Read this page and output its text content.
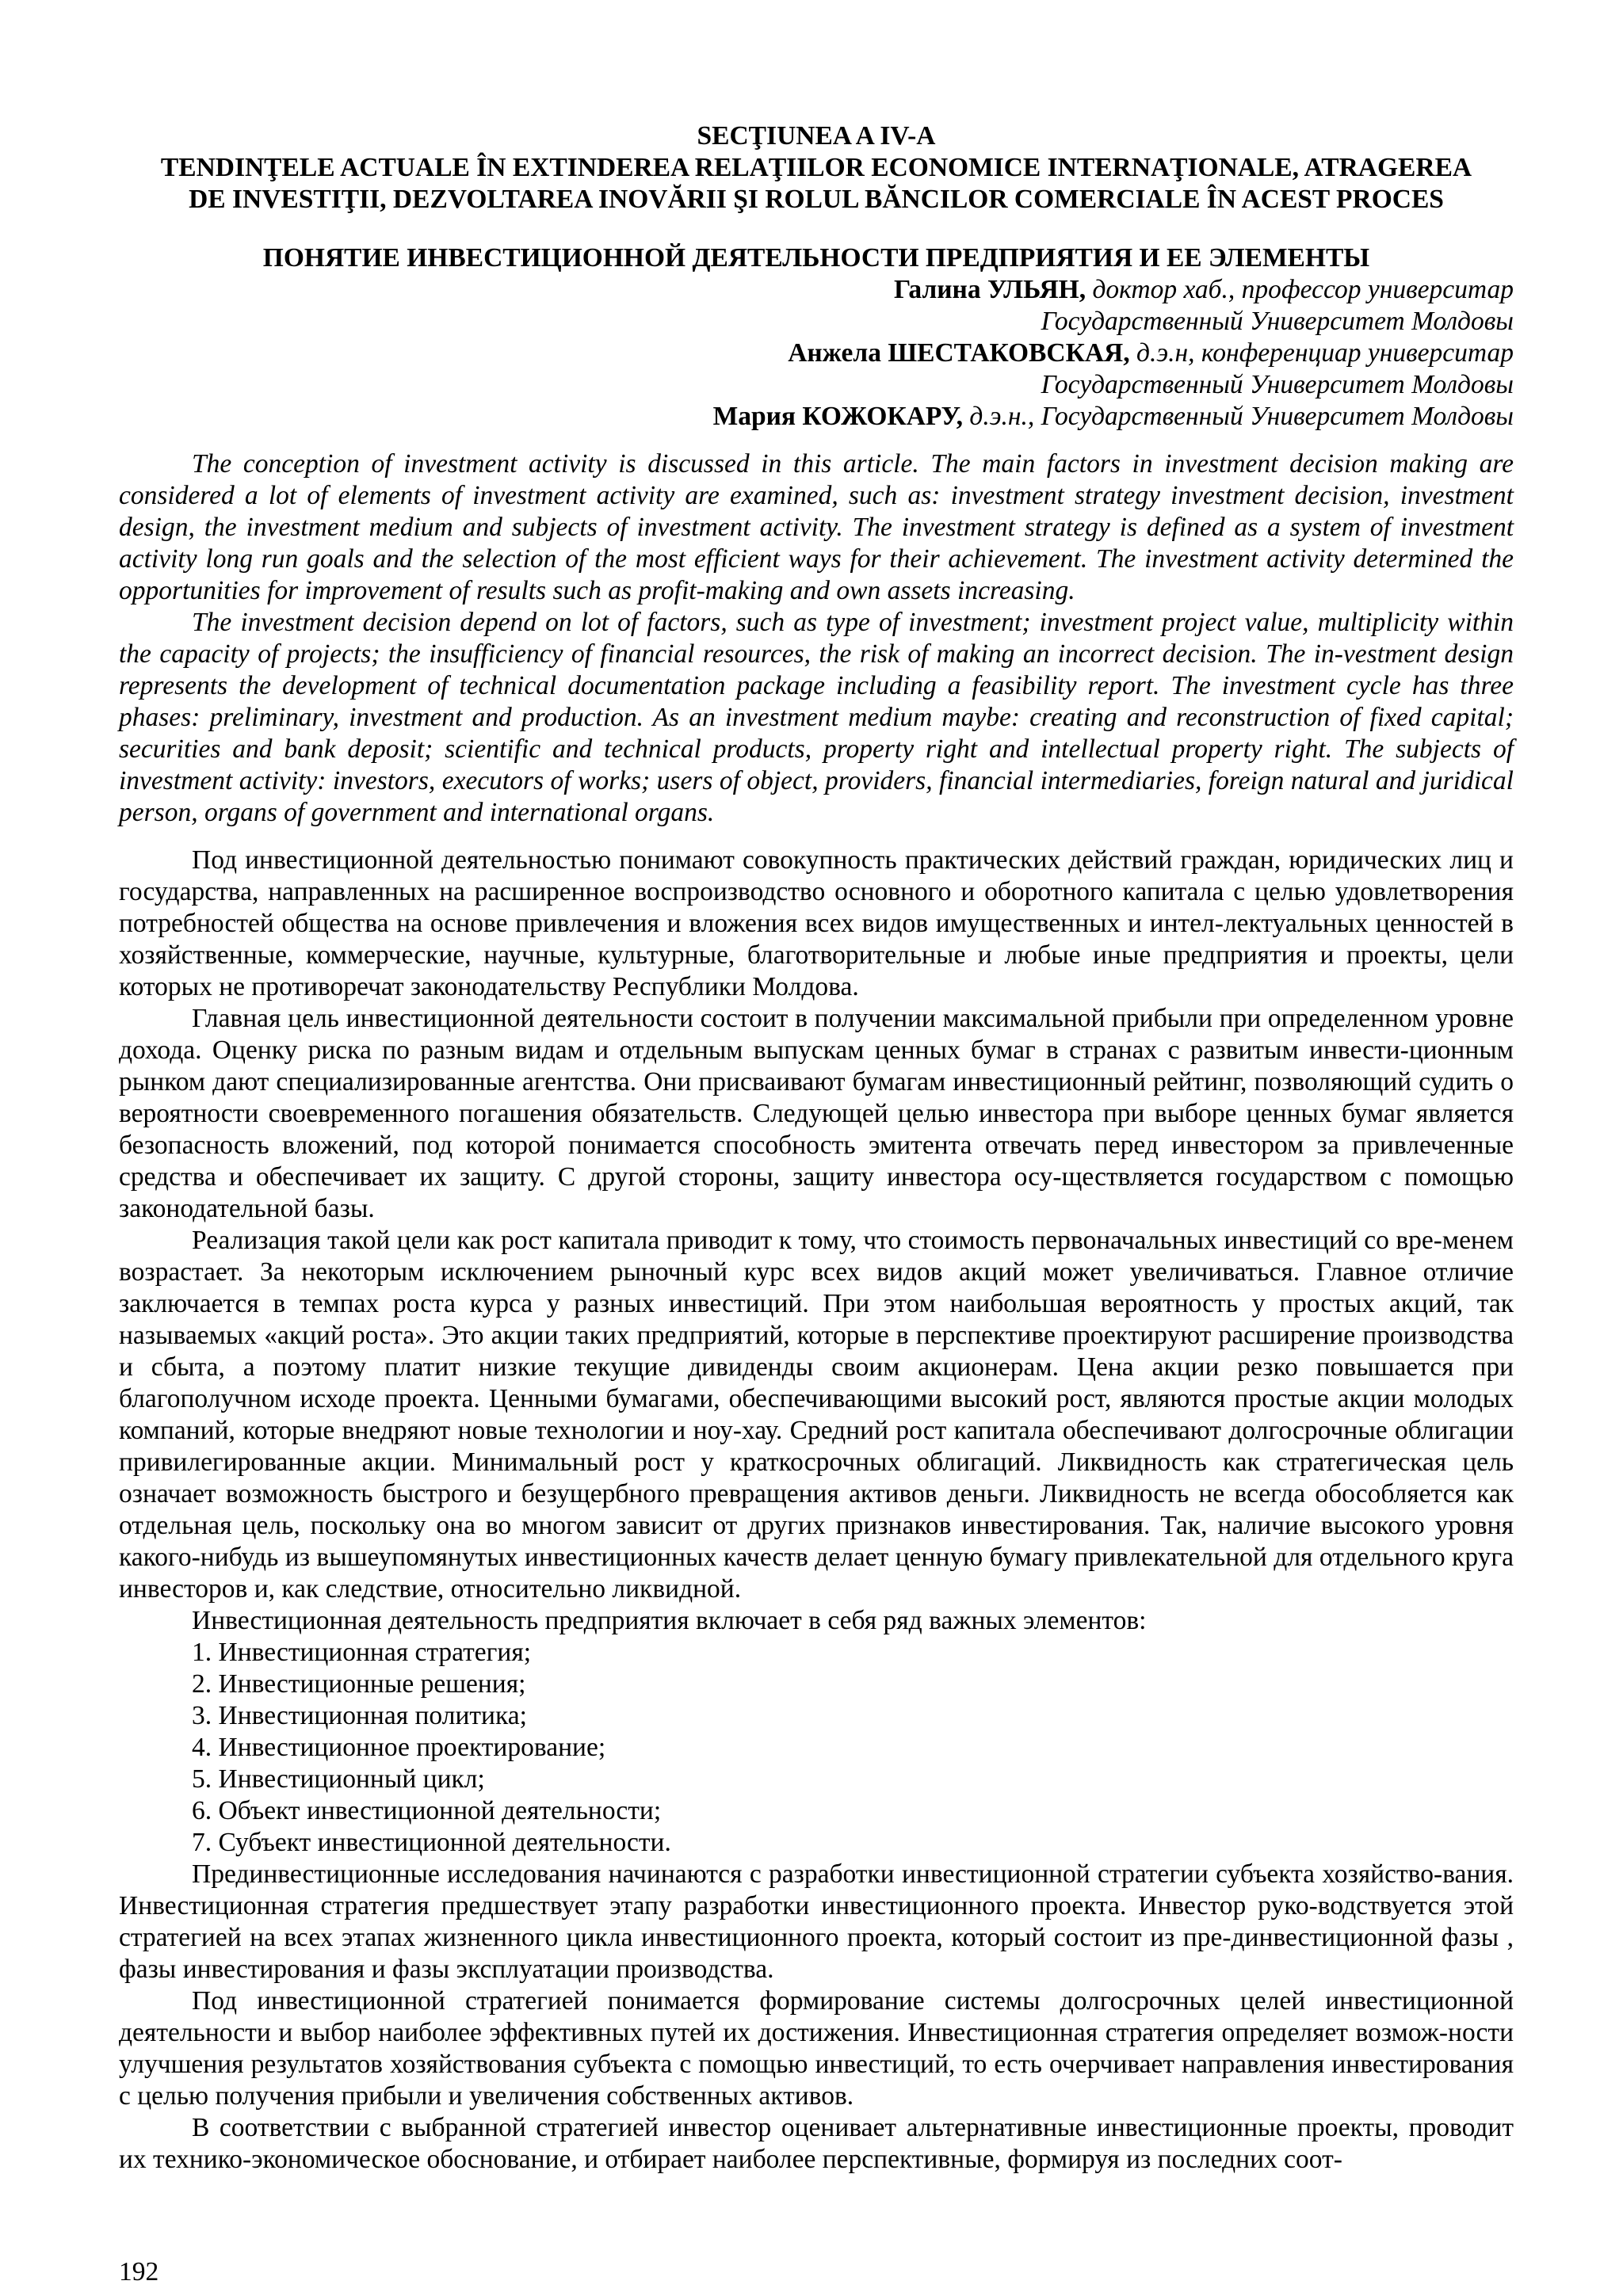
SECŢIUNEA A IV-A

TENDINŢELE ACTUALE ÎN EXTINDEREA RELAŢIILOR ECONOMICE INTERNAŢIONALE, ATRAGEREA

DE INVESTIŢII, DEZVOLTAREA INOVĂRII ŞI ROLUL BĂNCILOR COMERCIALE ÎN ACEST PROCES

ПОНЯТИЕ ИНВЕСТИЦИОННОЙ ДЕЯТЕЛЬНОСТИ ПРЕДПРИЯТИЯ И ЕЕ ЭЛЕМЕНТЫ

Галина УЛЬЯН, доктор хаб., профессор университар
Государственный Университет Молдовы
Анжела ШЕСТАКОВСКАЯ, д.э.н, конференциар университар
Государственный Университет Молдовы
Мария КОЖОКАРУ, д.э.н., Государственный Университет Молдовы

The conception of investment activity is discussed in this article. The main factors in investment decision making are considered a lot of elements of investment activity are examined, such as: investment strategy investment decision, investment design, the investment medium and subjects of investment activity. The investment strategy is defined as a system of investment activity long run goals and the selection of the most efficient ways for their achievement. The investment activity determined the opportunities for improvement of results such as profit-making and own assets increasing.

The investment decision depend on lot of factors, such as type of investment; investment project value, multiplicity within the capacity of projects; the insufficiency of financial resources, the risk of making an incorrect decision. The in-vestment design represents the development of technical documentation package including a feasibility report. The investment cycle has three phases: preliminary, investment and production. As an investment medium maybe: creating and reconstruction of fixed capital; securities and bank deposit; scientific and technical products, property right and intellectual property right. The subjects of investment activity: investors, executors of works; users of object, providers, financial intermediaries, foreign natural and juridical person, organs of government and international organs.

Под инвестиционной деятельностью понимают совокупность практических действий граждан, юридических лиц и государства, направленных на расширенное воспроизводство основного и оборотного капитала с целью удовлетворения потребностей общества на основе привлечения и вложения всех видов имущественных и интел-лектуальных ценностей в хозяйственные, коммерческие, научные, культурные, благотворительные и любые иные предприятия и проекты, цели которых не противоречат законодательству Республики Молдова.

Главная цель инвестиционной деятельности состоит в получении максимальной прибыли при определенном уровне дохода. Оценку риска по разным видам и отдельным выпускам ценных бумаг в странах с развитым инвести-ционным рынком дают специализированные агентства. Они присваивают бумагам инвестиционный рейтинг, позволяющий судить о вероятности своевременного погашения обязательств. Следующей целью инвестора при выборе ценных бумаг является безопасность вложений, под которой понимается способность эмитента отвечать перед инвестором за привлеченные средства и обеспечивает их защиту. С другой стороны, защиту инвестора осу-ществляется государством с помощью законодательной базы.

Реализация такой цели как рост капитала приводит к тому, что стоимость первоначальных инвестиций со вре-менем возрастает. За некоторым исключением рыночный курс всех видов акций может увеличиваться. Главное отличие заключается в темпах роста курса у разных инвестиций. При этом наибольшая вероятность у простых акций, так называемых «акций роста». Это акции таких предприятий, которые в перспективе проектируют расширение производства и сбыта, а поэтому платит низкие текущие дивиденды своим акционерам. Цена акции резко повышается при благополучном исходе проекта. Ценными бумагами, обеспечивающими высокий рост, являются простые акции молодых компаний, которые внедряют новые технологии и ноу-хау. Средний рост капитала обеспечивают долгосрочные облигации привилегированные акции. Минимальный рост у краткосрочных облигаций. Ликвидность как стратегическая цель означает возможность быстрого и безущербного превращения активов деньги. Ликвидность не всегда обособляется как отдельная цель, поскольку она во многом зависит от других признаков инвестирования. Так, наличие высокого уровня какого-нибудь из вышеупомянутых инвестиционных качеств делает ценную бумагу привлекательной для отдельного круга инвесторов и, как следствие, относительно ликвидной.

Инвестиционная деятельность предприятия включает в себя ряд важных элементов:

1. Инвестиционная стратегия;
2. Инвестиционные решения;
3. Инвестиционная политика;
4. Инвестиционное проектирование;
5. Инвестиционный цикл;
6. Объект инвестиционной деятельности;
7. Субъект инвестиционной деятельности.

Прединвестиционные исследования начинаются с разработки инвестиционной стратегии субъекта хозяйство-вания. Инвестиционная стратегия предшествует этапу разработки инвестиционного проекта. Инвестор руко-водствуется этой стратегией на всех этапах жизненного цикла инвестиционного проекта, который состоит из пре-динвестиционной фазы , фазы инвестирования и фазы эксплуатации производства.

Под инвестиционной стратегией понимается формирование системы долгосрочных целей инвестиционной деятельности и выбор наиболее эффективных путей их достижения. Инвестиционная стратегия определяет возмож-ности улучшения результатов хозяйствования субъекта с помощью инвестиций, то есть очерчивает направления инвестирования с целью получения прибыли и увеличения собственных активов.

В соответствии с выбранной стратегией инвестор оценивает альтернативные инвестиционные проекты, проводит их технико-экономическое обоснование, и отбирает наиболее перспективные, формируя из последних соот-

192
